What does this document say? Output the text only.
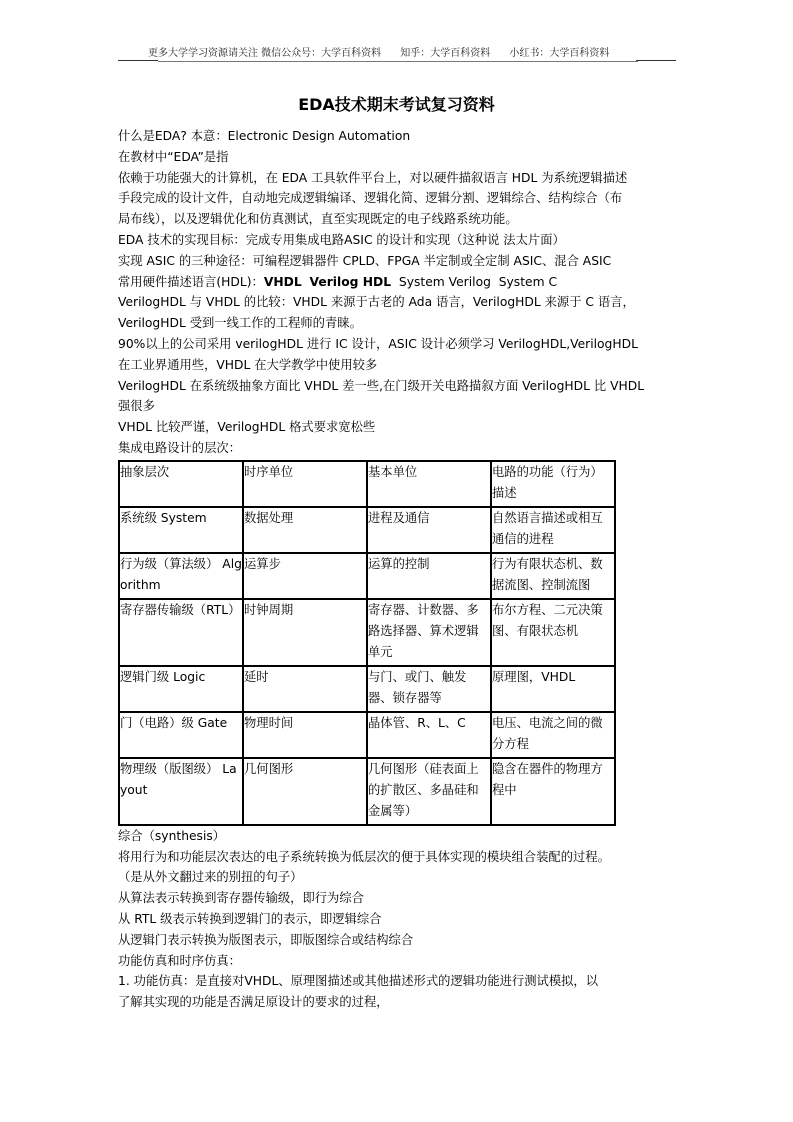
更多大学学习资源请关注 微信公众号：大学百科资料      知乎：大学百科资料      小红书：大学百科资料
EDA技术期末考试复习资料
什么是EDA? 本意：Electronic Design Automation
在教材中“EDA”是指
依赖于功能强大的计算机，在 EDA 工具软件平台上，对以硬件描叙语言 HDL 为系统逻辑描述
手段完成的设计文件，自动地完成逻辑编译、逻辑化简、逻辑分割、逻辑综合、结构综合（布
局布线），以及逻辑优化和仿真测试，直至实现既定的电子线路系统功能。
EDA 技术的实现目标：完成专用集成电路ASIC 的设计和实现（这种说 法太片面）
实现 ASIC 的三种途径：可编程逻辑器件 CPLD、FPGA 半定制或全定制 ASIC、混合 ASIC
常用硬件描述语言(HDL)：VHDL Verilog HDL  System Verilog  System C
VerilogHDL 与 VHDL 的比较：VHDL 来源于古老的 Ada 语言，VerilogHDL 来源于 C 语言，
VerilogHDL 受到一线工作的工程师的青睐。
90%以上的公司采用 verilogHDL 进行 IC 设计，ASIC 设计必须学习 VerilogHDL,VerilogHDL
在工业界通用些，VHDL 在大学教学中使用较多
VerilogHDL 在系统级抽象方面比 VHDL 差一些,在门级开关电路描叙方面 VerilogHDL 比 VHDL
强很多
VHDL 比较严谨，VerilogHDL 格式要求宽松些
集成电路设计的层次：
抽象层次	时序单位	基本单位	电路的功能（行为）描述
系统级 System	数据处理	进程及通信	自然语言描述或相互通信的进程
行为级（算法级） Algorithm	运算步	运算的控制	行为有限状态机、数据流图、控制流图
寄存器传输级（RTL）	时钟周期	寄存器、计数器、多路选择器、算术逻辑单元	布尔方程、二元决策图、有限状态机
逻辑门级 Logic	延时	与门、或门、触发器、锁存器等	原理图，VHDL
门（电路）级 Gate	物理时间	晶体管、R、L、C	电压、电流之间的微分方程
物理级（版图级） Layout	几何图形	几何图形（硅表面上的扩散区、多晶硅和金属等）	隐含在器件的物理方程中
综合（synthesis）
将用行为和功能层次表达的电子系统转换为低层次的便于具体实现的模块组合装配的过程。
（是从外文翻过来的别扭的句子）
从算法表示转换到寄存器传输级，即行为综合
从 RTL 级表示转换到逻辑门的表示，即逻辑综合
从逻辑门表示转换为版图表示，即版图综合或结构综合
功能仿真和时序仿真：
1. 功能仿真：是直接对VHDL、原理图描述或其他描述形式的逻辑功能进行测试模拟，以
了解其实现的功能是否满足原设计的要求的过程，
